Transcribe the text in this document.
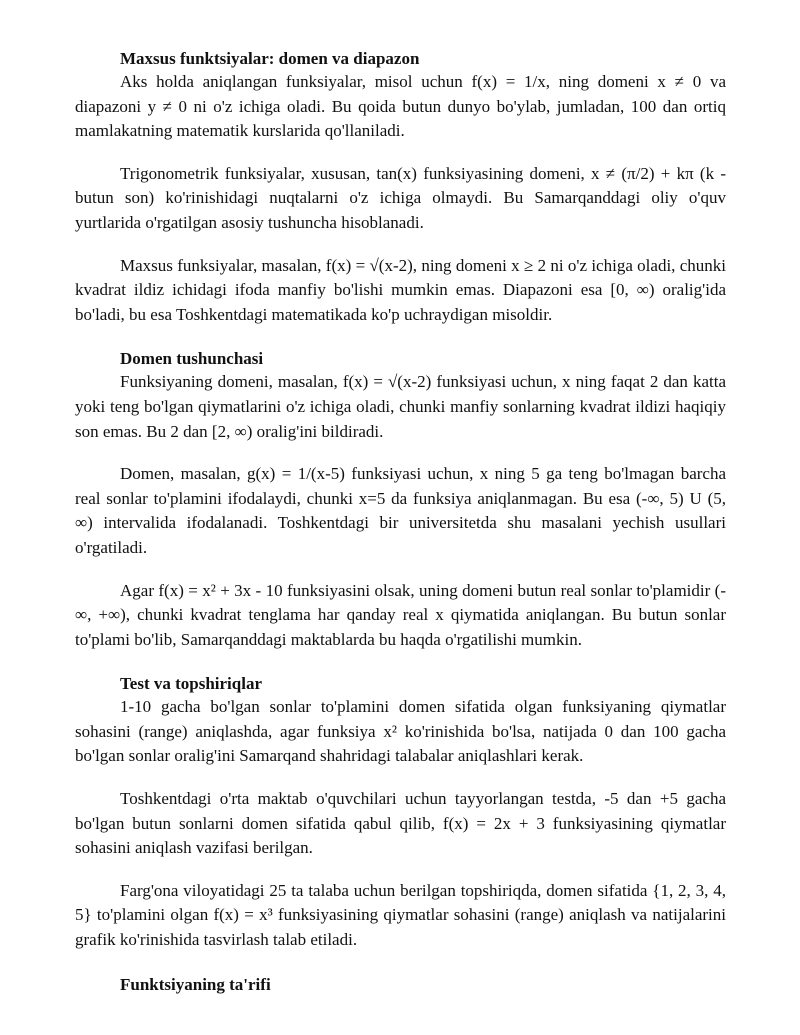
Maxsus funktsiyalar: domen va diapazon

Aks holda aniqlangan funksiyalar, misol uchun f(x) = 1/x, ning domeni x ≠ 0 va diapazoni y ≠ 0 ni o'z ichiga oladi. Bu qoida butun dunyo bo'ylab, jumladan, 100 dan ortiq mamlakatning matematik kurslarida qo'llaniladi.

Trigonometrik funksiyalar, xususan, tan(x) funksiyasining domeni, x ≠ (π/2) + kπ (k - butun son) ko'rinishidagi nuqtalarni o'z ichiga olmaydi. Bu Samarqanddagi oliy o'quv yurtlarida o'rgatilgan asosiy tushuncha hisoblanadi.

Maxsus funksiyalar, masalan, f(x) = √(x-2), ning domeni x ≥ 2 ni o'z ichiga oladi, chunki kvadrat ildiz ichidagi ifoda manfiy bo'lishi mumkin emas. Diapazoni esa [0, ∞) oralig'ida bo'ladi, bu esa Toshkentdagi matematikada ko'p uchraydigan misoldir.

Domen tushunchasi

Funksiyaning domeni, masalan, f(x) = √(x-2) funksiyasi uchun, x ning faqat 2 dan katta yoki teng bo'lgan qiymatlarini o'z ichiga oladi, chunki manfiy sonlarning kvadrat ildizi haqiqiy son emas. Bu 2 dan [2, ∞) oralig'ini bildiradi.

Domen, masalan, g(x) = 1/(x-5) funksiyasi uchun, x ning 5 ga teng bo'lmagan barcha real sonlar to'plamini ifodalaydi, chunki x=5 da funksiya aniqlanmagan. Bu esa (-∞, 5) U (5, ∞) intervalida ifodalanadi. Toshkentdagi bir universitetda shu masalani yechish usullari o'rgatiladi.

Agar f(x) = x² + 3x - 10 funksiyasini olsak, uning domeni butun real sonlar to'plamidir (-∞, +∞), chunki kvadrat tenglama har qanday real x qiymatida aniqlangan. Bu butun sonlar to'plami bo'lib, Samarqanddagi maktablarda bu haqda o'rgatilishi mumkin.

Test va topshiriqlar

1-10 gacha bo'lgan sonlar to'plamini domen sifatida olgan funksiyaning qiymatlar sohasini (range) aniqlashda, agar funksiya x² ko'rinishida bo'lsa, natijada 0 dan 100 gacha bo'lgan sonlar oralig'ini Samarqand shahridagi talabalar aniqlashlari kerak.

Toshkentdagi o'rta maktab o'quvchilari uchun tayyorlangan testda, -5 dan +5 gacha bo'lgan butun sonlarni domen sifatida qabul qilib, f(x) = 2x + 3 funksiyasining qiymatlar sohasini aniqlash vazifasi berilgan.

Farg'ona viloyatidagi 25 ta talaba uchun berilgan topshiriqda, domen sifatida {1, 2, 3, 4, 5} to'plamini olgan f(x) = x³ funksiyasining qiymatlar sohasini (range) aniqlash va natijalarini grafik ko'rinishida tasvirlash talab etiladi.

Funktsiyaning ta'rifi
